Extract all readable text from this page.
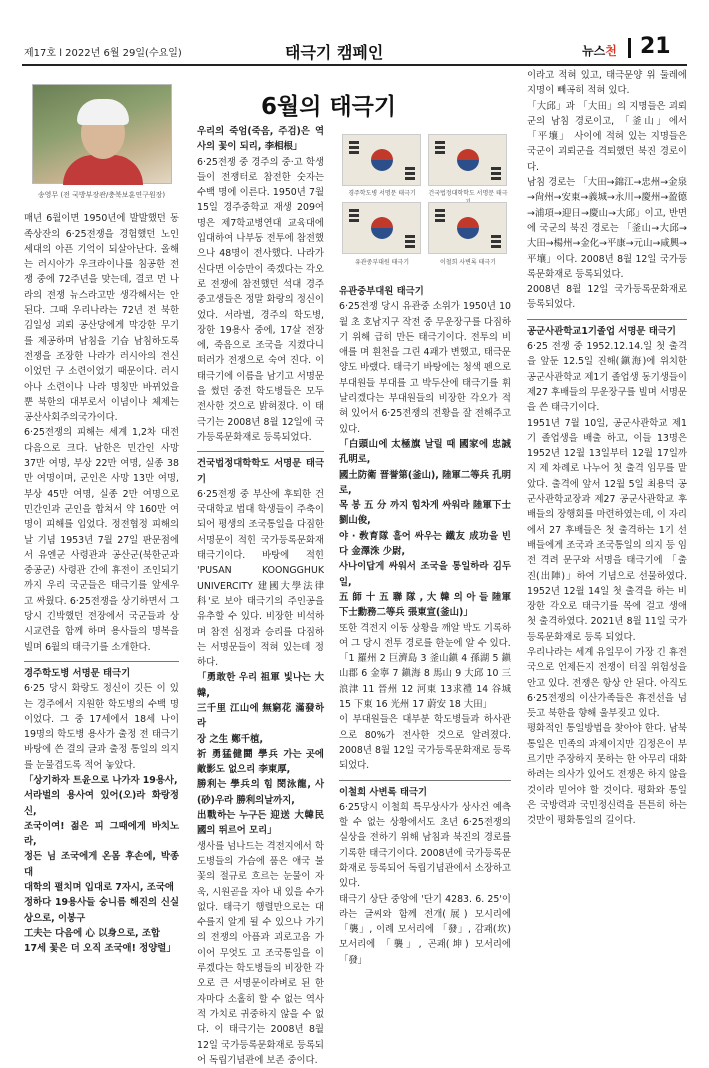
제17호 l 2022년 6월 29일(수요일)	태극기 캠페인	뉴스천 21
6월의 태극기
송영무 (전 국방부장관/충북보훈연구원장)

매년 6월이면 1950년에 발발했던 동족상잔의 6·25전쟁을 경험했던 노인 세대의 아픈 기억이 되살아난다. 올해는 러시아가 우크라이나를 침공한 전쟁 중에 72주년을 맞는데, 결코 먼 나라의 전쟁 뉴스라고만 생각해서는 안 된다. 그때 우리나라는 72년 전 북한 김일성 괴뢰 공산당에게 막강한 무기를 제공하며 남침을 기습 남침하도록 전쟁을 조장한 나라가 러시아의 전신이었던 구 소련이었기 때문이다. 러시아나 소련이나 나라 명칭만 바뀌었을 뿐 북한의 대부로서 이념이나 체제는 공산사회주의국가이다.

6·25전쟁의 피해는 세계 1,2차 대전 다음으로 크다. 남한은 민간인 사망 37만 여명, 부상 22만 여명, 실종 38만 여명이며, 군인은 사망 13만 여명, 부상 45만 여명, 실종 2만 여명으로 민간인과 군인을 합쳐서 약 160만 여명이 피해를 입었다. 정전협정 피해의 날 기념 1953년 7월 27일 판문점에서 유엔군 사령관과 공산군(북한군과 중공군) 사령관 간에 휴전이 조인되기까지 우리 국군들은 태극기를 앞세우고 싸웠다. 6·25전쟁을 상기하면서 그 당시 긴박했던 전장에서 국군들과 상시교련을 함께 하며 용사들의 명복을 빌며 6월의 태극기를 소개한다.

경주학도병 서명문 태극기

6·25 당시 화랑도 정신이 깃든 이 있는 경주에서 지원한 학도병의 수백 명이었다. 그 중 17세에서 18세 나이 19명의 학도병 용사가 출정 전 태극기 바탕에 쓴 결의 글과 출정 통일의 의지를 눈물겹도록 적어 놓았다.

「상기하자 트윤으로 나가자 19용사,

서라벌의 용사여 있어(오)라 화랑정신,

조국이여! 젊은 피 그때에게 바치노라,

정든 님 조국에게 온몸 후손에, 박종대

대학의 펼치며 입대로 7자시, 조국애

정하다 19용사들 숭니름 해진의 신실상으로, 이봉구

工夫는 다음에 心 以身으로, 조합

17세 꽃은 더 오직 조국애! 정양렬」

우리의 죽엄(죽음, 주검)은 역사의 꽃이 되리, 李相根」

6·25전쟁 중 경주의 중·고 학생들이 전쟁터로 참전한 숫자는 수백 명에 이른다. 1950년 7월 15일 경주중학교 재생 209여 명은 제7학교병연대 교육대에 입대하여 나부동 전투에 참전했으나 48명이 전사했다. 나라가 신다면 이승만이 죽겠다는 각오로 전쟁에 참전했던 석대 경주 중고생들은 정말 화랑의 정신이었다. 서라벌, 경주의 학도병, 장한 19용사 중에, 17살 전장에, 죽음으로 조국을 지켰다니 떠러가 전쟁으로 숙여 진다. 이 태극기에 이름을 남기고 서명문을 썼던 중전 학도병들은 모두 전사한 것으로 밝혀졌다. 이 태극기는 2008년 8월 12일에 국가등록문화재로 등록되었다.

건국법정대학학도 서명문 태극기

6·25전쟁 중 부산에 후퇴한 건국대학교 법대 학생들이 주축이 되어 평생의 조국통일을 다짐한 서명문이 적힌 국가등록문화재 태극기이다. 바탕에 적힌 'PUSAN KOONGGHUK UNIVERCITY 建國大學法律科'로 보아 태극기의 주인공을 유추할 수 있다. 비장한 비석하며 참전 심정과 승리를 다짐하는 서명문들이 적혀 있는데 정하다.

「勇敢한 우리 祖軍 빛나는 大韓,

三千里 江山에 無窮花 滿發하라

장 之生 鄭千植,

祈 勇猛健鬪 學兵 가는 곳에 敵影도 없으리 李東厚,

勝利는 學兵의 힘 閔泳龍, 사(砂)우라 勝利의날까지,

出戰하는 누구든 迎送 大韓民國의 뛰르어 모리」

생사를 넘나드는 격전지에서 학도병들의 가슴에 품은 애국 불꽃의 절규로 흐르는 눈물이 자욱, 시원곧을 자아 내 있을 수가 없다. 태극기 행렬만으로는 대수를지 알게 될 수 있으나 가기의 전쟁의 아픔과 괴로고음 가이어 무엇도 고 조국통일을 이루겠다는 학도병들의 비장한 각오로 큰 서명문이라벼로 된 한자마다 소홀히 할 수 없는 역사적 가치로 귀중하지 않을 수 없다. 이 태극기는 2008년 8월 12일 국가등록문화재로 등록되어 독립기념관에 보존 중이다.

경주학도병 서명문 태극기	건국법정대학학도 서명문 태극
유관중부대원 태극기	이철희 사변록 태극기
유관중부대원 태극기

6·25전쟁 당시 유관중 소위가 1950년 10월 초 호남지구 작전 중 무운장구를 다짐하기 위해 급히 만든 태극기이다. 전투의 비애를 며 흰천을 그린 4괘가 변했고, 태극문양도 바랬다. 태극기 바탕에는 청색 펜으로 부대원들 부대를 고 박두산에 태극기를 휘날리겠다는 부대원들의 비장한 각오가 적혀 있어서 6·25전쟁의 전황을 잘 전해주고 있다.

「白頭山에 太極旗 날릴 때 國家에 忠誠孔明로,

國土防衛 晋誉第(釜山), 陸軍二等兵 孔明로,

목 봉 五 分 까지 힘차게 싸워라 陸軍下士 劉山俊,

야 · 敎育隊 흘어 싸우는 鐵友 成功을 빈다 金澤洙 少尉,

사나이답게 싸워서 조국을 통일하라 김두일,

五 師 十 五 聯 隊 , 大 韓 의 아 들 陸軍下士勳務二等兵 張東宣(釜山)」

또한 격전지 이동 상황을 깨알 박도 기록하여 그 당시 전투 경로를 한눈에 알 수 있다.

「1 羅州 2 巨濟島 3 釜山鎭 4 孫湖 5 鎭山郡 6 金寧 7 鎭海 8 馬山 9 大邱 10 三浪津 11 晉州 12 河東 13求禮 14 谷城 15 下東 16 光州 17 蔚安 18 大田」

이 부대원들은 대부분 학도병들과 하사관으로 80%가 전사한 것으로 알려졌다. 2008년 8월 12일 국가등록문화재로 등록되었다.

이철희 사변록 태극기

6·25당시 이철희 특무상사가 상사건 예측할 수 없는 상황에서도 초년 6·25전쟁의 실상을 전하기 위해 남침과 북진의 경로를 기록한 태극기이다. 2008년에 국가등록문화재로 등록되어 독립기념관에서 소장하고 있다.

태극기 상단 중앙에 '단기 4283. 6. 25'이라는 글씨와 함께 전개(展) 모시리에 「襲」, 이례 모서리에 「發」, 감괘(坎) 모서리에 「襲」, 곤괘(坤) 모서리에 「發」

이라고 적혀 있고, 태극문양 위 둘레에 지명이 빼곡히 적혀 있다.

「大邱」과 「大田」의 지명들은 괴뢰군의 남침 경로이고, 「釜山」에서 「平壤」 사이에 적혀 있는 지명들은 국군이 괴뢰군을 격퇴했던 북진 경로이다.

남침 경로는 「大田→錦江→忠州→金泉→尙州→安東→義城→永川→慶州→盈德→浦項→迎日→慶山→大邱」이고, 반면에 국군의 북진 경로는 「釜山→大邱→大田→楊州→金化→平康→元山→咸興→平壤」이다. 2008년 8월 12일 국가등록문화재로 등록되었다.

2008년 8월 12일 국가등록문화재로 등록되었다.

공군사관학교1기졸업 서명문 태극기

6·25 전쟁 중 1952.12.14.일 첫 출격을 앞둔 12.5일 진해(鎭海)에 위치한 공군사관학교 제1기 졸업생 동기생들이 제27 후배들의 무운장구를 빌며 서명문을 쓴 태극기이다.

1951년 7월 10일, 공군사관학교 제1기 졸업생을 배출 하고, 이들 13명은 1952년 12월 13일부터 12월 17일까지 제 차례로 나누어 첫 출격 임무를 맡았다. 출격에 앞서 12월 5일 최용덕 공군사관학교장과 제27 공군사관학교 후배들의 장행회를 마련하였는데, 이 자리에서 27 후배들은 첫 출격하는 1기 선배들에게 조국과 조국통일의 의지 등 임전 격려 문구와 서명을 태극기에 「출진(出陣)」하여 기념으로 선물하였다. 1952년 12월 14일 첫 출격을 하는 비장한 각오로 태극기를 목에 걸고 생애 첫 출격하였다. 2021년 8월 11일 국가등록문화재로 등록 되었다.

우리나라는 세계 유일무이 가장 긴 휴전국으로 언제든지 전쟁이 터질 위험성을 안고 있다. 전쟁은 항상 안 된다. 아직도 6·25전쟁의 이산가족들은 휴전선을 넘듯고 북한을 향해 울부짖고 있다.

평화적인 통일방법을 찾아야 한다. 남북통일은 민족의 과제이지만 김정은이 부르기만 주장하지 못하는 한 아무리 대화하려는 의사가 있어도 전쟁은 하지 않을 것이라 믿어야 할 것이다. 평화와 통일은 국방력과 국민정신력을 튼튼히 하는 것만이 평화통일의 길이다.
